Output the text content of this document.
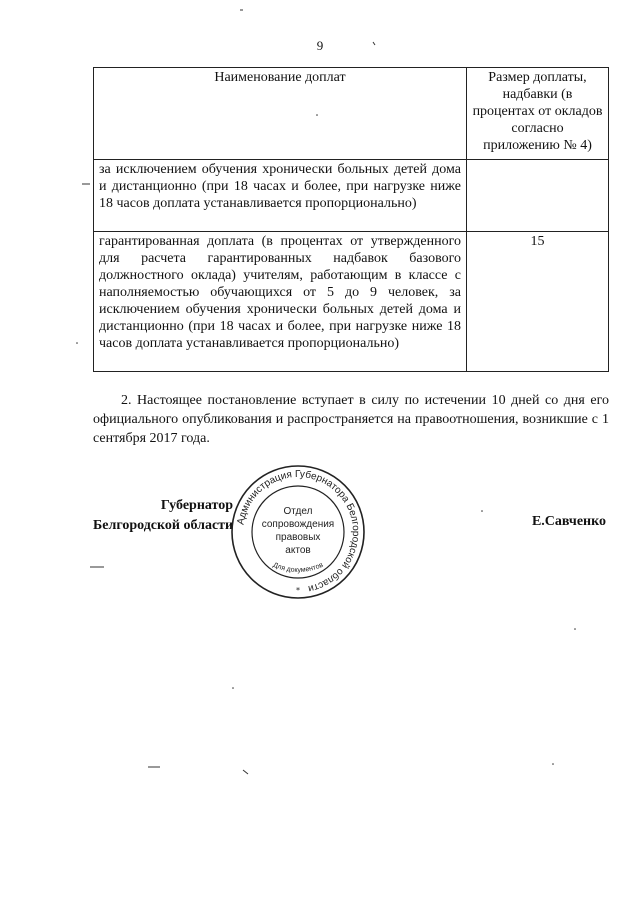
9
Наименование доплат	Размер доплаты, надбавки (в процентах от окладов согласно приложению № 4)
за исключением обучения хронически больных детей дома и дистанционно (при 18 часах и более, при нагрузке ниже 18 часов доплата устанавливается пропорционально)	
гарантированная доплата (в процентах от утвержденного для расчета гарантированных надбавок базового должностного оклада) учителям, работающим в классе с наполняемостью обучающихся от 5 до 9 человек, за исключением обучения хронически больных детей дома и дистанционно (при 18 часах и более, при нагрузке ниже 18 часов доплата устанавливается пропорционально)	15
2. Настоящее постановление вступает в силу по истечении 10 дней со дня его официального опубликования и распространяется на правоотношения, возникшие с 1 сентября 2017 года.
Губернатор
Белгородской области	Е.Савченко
Администрация Губернатора Белгородской области
Отдел
сопровождения
правовых
актов
Для документов
*
